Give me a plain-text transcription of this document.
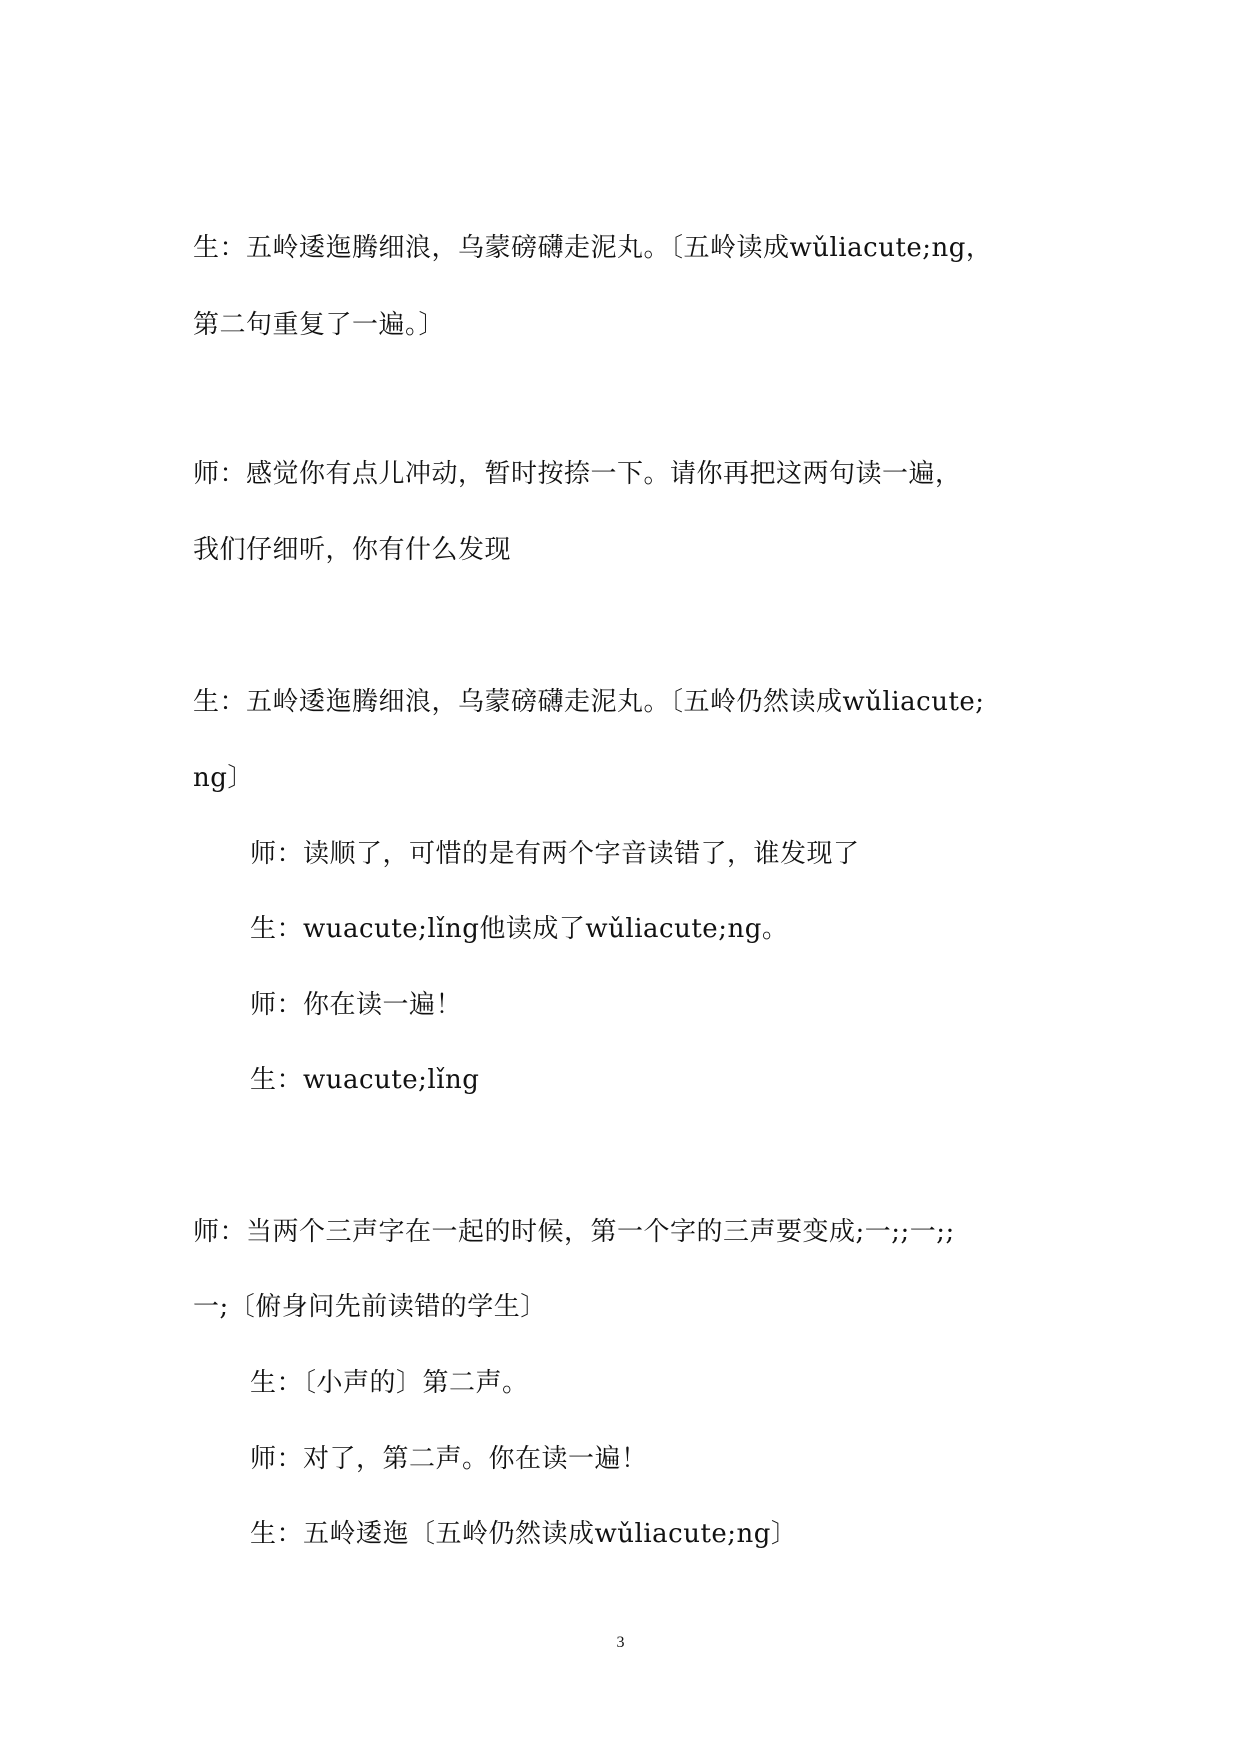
生：五岭逶迤腾细浪，乌蒙磅礴走泥丸。〔五岭读成wǔliacute;ng，
第二句重复了一遍。〕
师：感觉你有点儿冲动，暂时按捺一下。请你再把这两句读一遍，
我们仔细听，你有什么发现
生：五岭逶迤腾细浪，乌蒙磅礴走泥丸。〔五岭仍然读成wǔliacute;
ng〕
师：读顺了，可惜的是有两个字音读错了，谁发现了
生：wuacute;lǐng他读成了wǔliacute;ng。
师：你在读一遍！
生：wuacute;lǐng
师：当两个三声字在一起的时候，第一个字的三声要变成;一;;一;;
一;〔俯身问先前读错的学生〕
生：〔小声的〕第二声。
师：对了，第二声。你在读一遍！
生：五岭逶迤〔五岭仍然读成wǔliacute;ng〕
3
